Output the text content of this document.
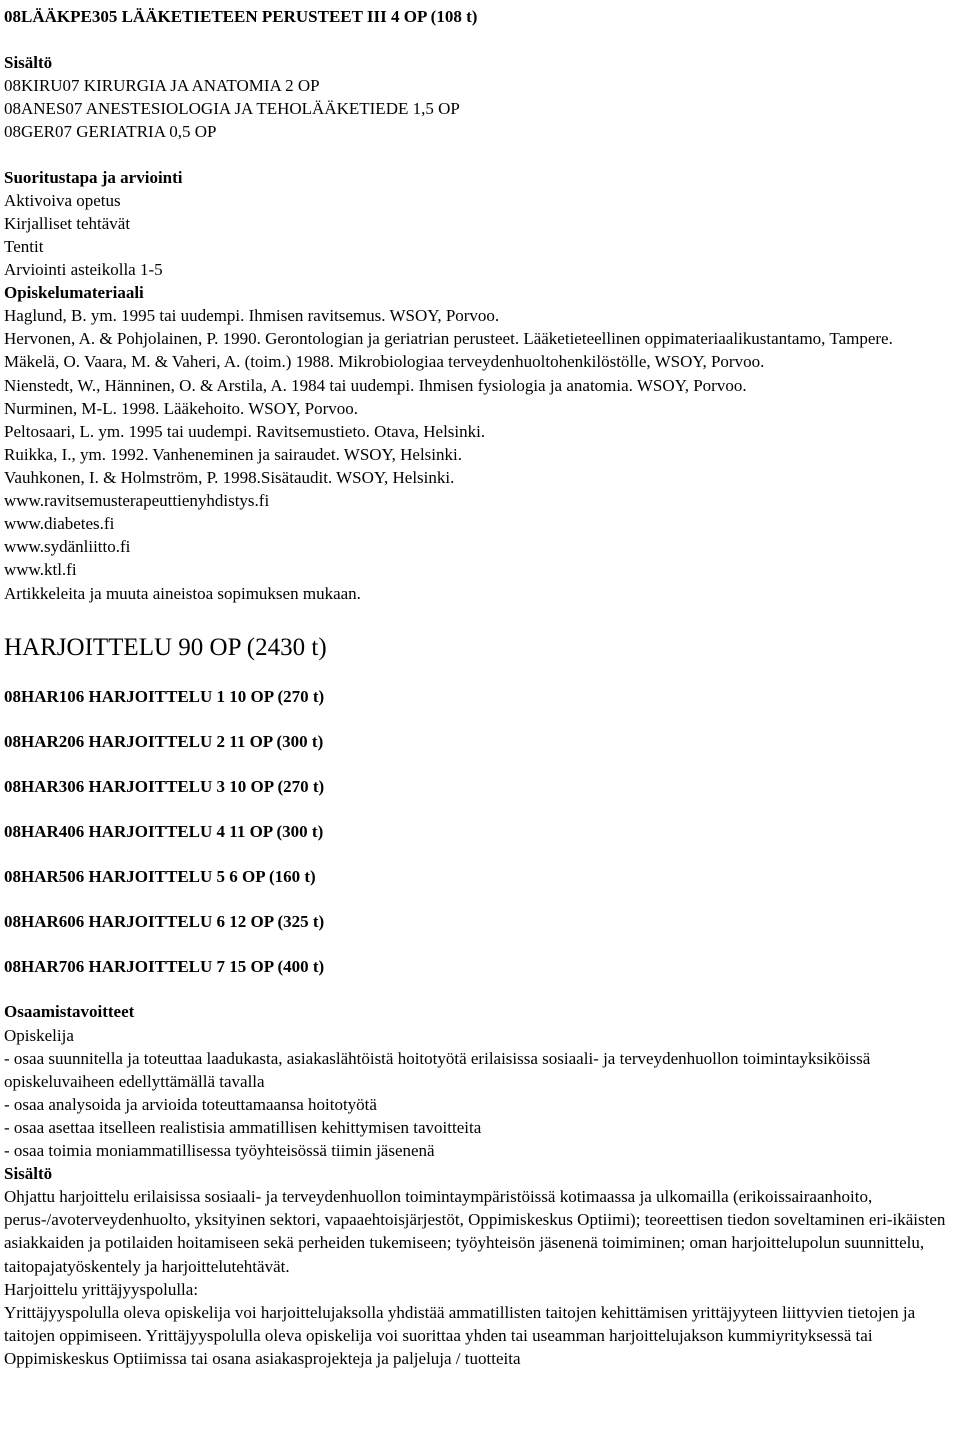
08LÄÄKPE305 LÄÄKETIETEEN PERUSTEET III 4 OP (108 t)
Sisältö
08KIRU07 KIRURGIA JA ANATOMIA 2 OP
08ANES07 ANESTESIOLOGIA JA TEHOLÄÄKETIEDE 1,5 OP
08GER07 GERIATRIA 0,5 OP
Suoritustapa ja arviointi
Aktivoiva opetus
Kirjalliset tehtävät
Tentit
Arviointi asteikolla 1-5
Opiskelumateriaali
Haglund, B. ym. 1995 tai uudempi. Ihmisen ravitsemus. WSOY, Porvoo.
Hervonen, A. & Pohjolainen, P. 1990. Gerontologian ja geriatrian perusteet. Lääketieteellinen oppimateriaalikustantamo, Tampere.
Mäkelä, O. Vaara, M. & Vaheri, A. (toim.) 1988. Mikrobiologiaa terveydenhuoltohenkilöstölle, WSOY, Porvoo.
Nienstedt, W., Hänninen, O. & Arstila, A. 1984 tai uudempi. Ihmisen fysiologia ja anatomia. WSOY, Porvoo.
Nurminen, M-L. 1998. Lääkehoito. WSOY, Porvoo.
Peltosaari, L. ym. 1995 tai uudempi. Ravitsemustieto. Otava, Helsinki.
Ruikka, I., ym. 1992. Vanheneminen ja sairaudet. WSOY, Helsinki.
Vauhkonen, I. & Holmström, P. 1998.Sisätaudit. WSOY, Helsinki.
www.ravitsemusterapeuttienyhdistys.fi
www.diabetes.fi
www.sydänliitto.fi
www.ktl.fi
Artikkeleita ja muuta aineistoa sopimuksen mukaan.
HARJOITTELU 90 OP (2430 t)
08HAR106 HARJOITTELU 1 10 OP (270 t)
08HAR206 HARJOITTELU 2 11 OP (300 t)
08HAR306 HARJOITTELU 3 10 OP (270 t)
08HAR406 HARJOITTELU 4 11 OP (300 t)
08HAR506 HARJOITTELU 5 6 OP (160 t)
08HAR606 HARJOITTELU 6 12 OP (325 t)
08HAR706 HARJOITTELU 7 15 OP (400 t)
Osaamistavoitteet
Opiskelija
- osaa suunnitella ja toteuttaa laadukasta, asiakaslähtöistä hoitotyötä erilaisissa sosiaali- ja terveydenhuollon toimintayksiköissä opiskeluvaiheen edellyttämällä tavalla
- osaa analysoida ja arvioida toteuttamaansa hoitotyötä
- osaa asettaa itselleen realistisia ammatillisen kehittymisen tavoitteita
- osaa toimia moniammatillisessa työyhteisössä tiimin jäsenenä
Sisältö
Ohjattu harjoittelu erilaisissa sosiaali- ja terveydenhuollon toimintaympäristöissä kotimaassa ja ulkomailla (erikoissairaanhoito, perus-/avoterveydenhuolto, yksityinen sektori, vapaaehtoisjärjestöt, Oppimiskeskus Optiimi); teoreettisen tiedon soveltaminen eri-ikäisten asiakkaiden ja potilaiden hoitamiseen sekä perheiden tukemiseen; työyhteisön jäsenenä toimiminen; oman harjoittelupolun suunnittelu, taitopajatyöskentely ja harjoittelutehtävät.
Harjoittelu yrittäjyyspolulla:
Yrittäjyyspolulla oleva opiskelija voi harjoittelujaksolla yhdistää ammatillisten taitojen kehittämisen yrittäjyyteen liittyvien tietojen ja taitojen oppimiseen. Yrittäjyyspolulla oleva opiskelija voi suorittaa yhden tai useamman harjoittelujakson kummiyrityksessä tai Oppimiskeskus Optiimissa tai osana asiakasprojekteja ja paljeluja / tuotteita
